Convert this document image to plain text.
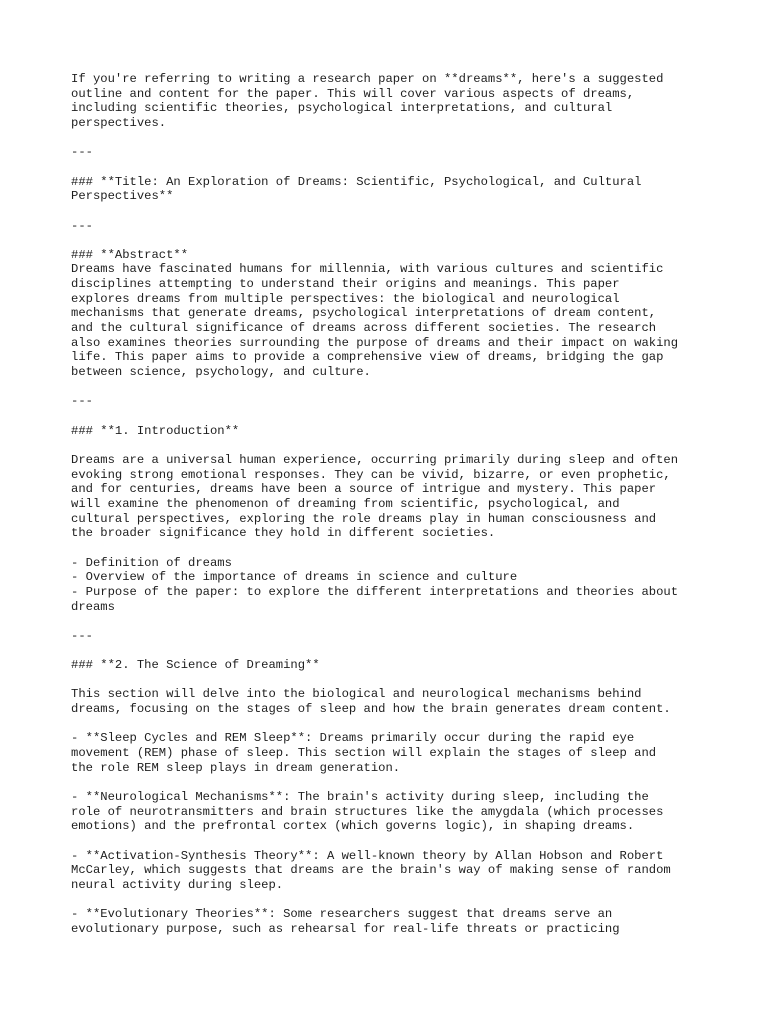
If you're referring to writing a research paper on **dreams**, here's a suggested
outline and content for the paper. This will cover various aspects of dreams,
including scientific theories, psychological interpretations, and cultural
perspectives.
---
### **Title: An Exploration of Dreams: Scientific, Psychological, and Cultural
Perspectives**
---
### **Abstract**
Dreams have fascinated humans for millennia, with various cultures and scientific
disciplines attempting to understand their origins and meanings. This paper
explores dreams from multiple perspectives: the biological and neurological
mechanisms that generate dreams, psychological interpretations of dream content,
and the cultural significance of dreams across different societies. The research
also examines theories surrounding the purpose of dreams and their impact on waking
life. This paper aims to provide a comprehensive view of dreams, bridging the gap
between science, psychology, and culture.
---
### **1. Introduction**
Dreams are a universal human experience, occurring primarily during sleep and often
evoking strong emotional responses. They can be vivid, bizarre, or even prophetic,
and for centuries, dreams have been a source of intrigue and mystery. This paper
will examine the phenomenon of dreaming from scientific, psychological, and
cultural perspectives, exploring the role dreams play in human consciousness and
the broader significance they hold in different societies.
- Definition of dreams
- Overview of the importance of dreams in science and culture
- Purpose of the paper: to explore the different interpretations and theories about
dreams
---
### **2. The Science of Dreaming**
This section will delve into the biological and neurological mechanisms behind
dreams, focusing on the stages of sleep and how the brain generates dream content.
- **Sleep Cycles and REM Sleep**: Dreams primarily occur during the rapid eye
movement (REM) phase of sleep. This section will explain the stages of sleep and
the role REM sleep plays in dream generation.
- **Neurological Mechanisms**: The brain's activity during sleep, including the
role of neurotransmitters and brain structures like the amygdala (which processes
emotions) and the prefrontal cortex (which governs logic), in shaping dreams.
- **Activation-Synthesis Theory**: A well-known theory by Allan Hobson and Robert
McCarley, which suggests that dreams are the brain's way of making sense of random
neural activity during sleep.
- **Evolutionary Theories**: Some researchers suggest that dreams serve an
evolutionary purpose, such as rehearsal for real-life threats or practicing
